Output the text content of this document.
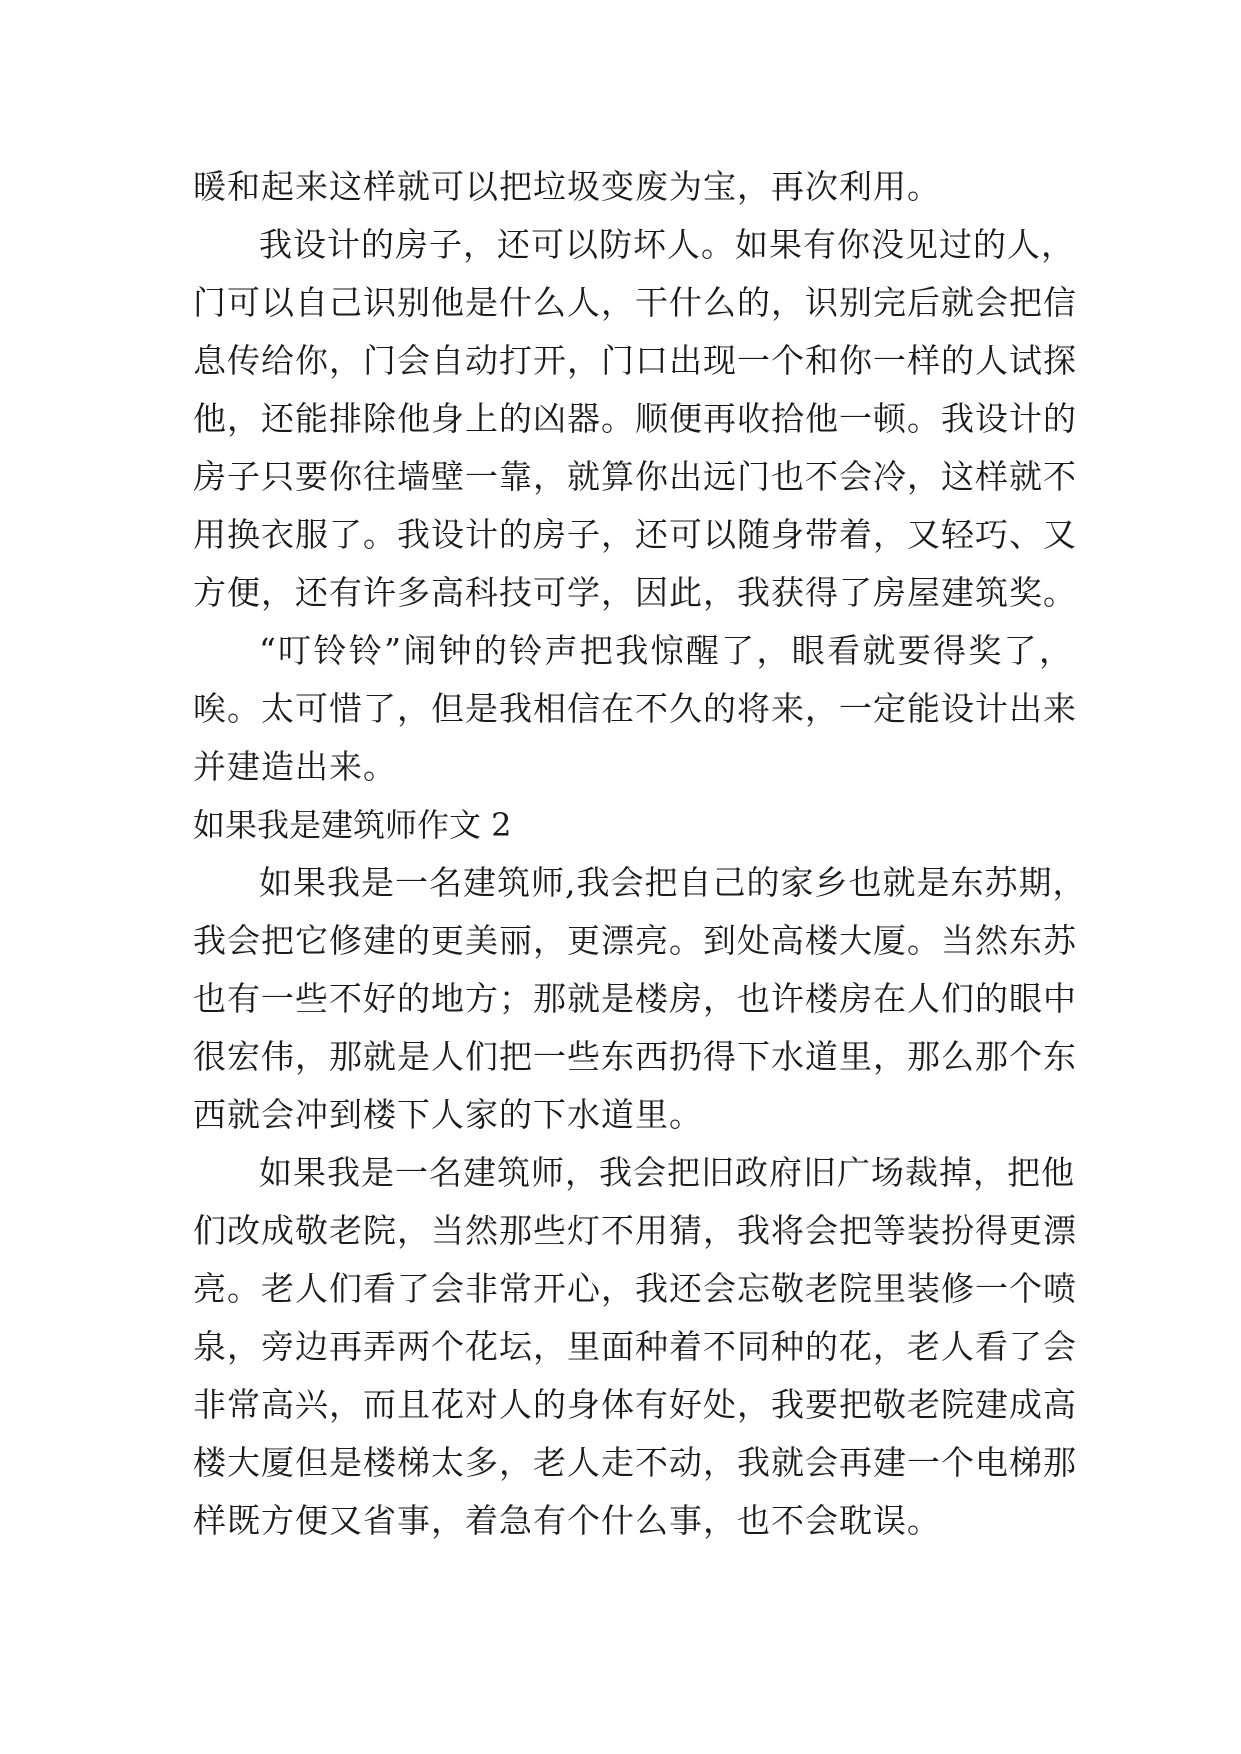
暖和起来这样就可以把垃圾变废为宝，再次利用。
我设计的房子，还可以防坏人。如果有你没见过的人，
门可以自己识别他是什么人，干什么的，识别完后就会把信
息传给你，门会自动打开，门口出现一个和你一样的人试探
他，还能排除他身上的凶器。顺便再收拾他一顿。我设计的
房子只要你往墙壁一靠，就算你出远门也不会冷，这样就不
用换衣服了。我设计的房子，还可以随身带着，又轻巧、又
方便，还有许多高科技可学，因此，我获得了房屋建筑奖。
“叮铃铃”闹钟的铃声把我惊醒了，眼看就要得奖了，
唉。太可惜了，但是我相信在不久的将来，一定能设计出来
并建造出来。
如果我是建筑师作文 2
如果我是一名建筑师,我会把自己的家乡也就是东苏期，
我会把它修建的更美丽，更漂亮。到处高楼大厦。当然东苏
也有一些不好的地方；那就是楼房，也许楼房在人们的眼中
很宏伟，那就是人们把一些东西扔得下水道里，那么那个东
西就会冲到楼下人家的下水道里。
如果我是一名建筑师，我会把旧政府旧广场裁掉，把他
们改成敬老院，当然那些灯不用猜，我将会把等装扮得更漂
亮。老人们看了会非常开心，我还会忘敬老院里装修一个喷
泉，旁边再弄两个花坛，里面种着不同种的花，老人看了会
非常高兴，而且花对人的身体有好处，我要把敬老院建成高
楼大厦但是楼梯太多，老人走不动，我就会再建一个电梯那
样既方便又省事，着急有个什么事，也不会耽误。
